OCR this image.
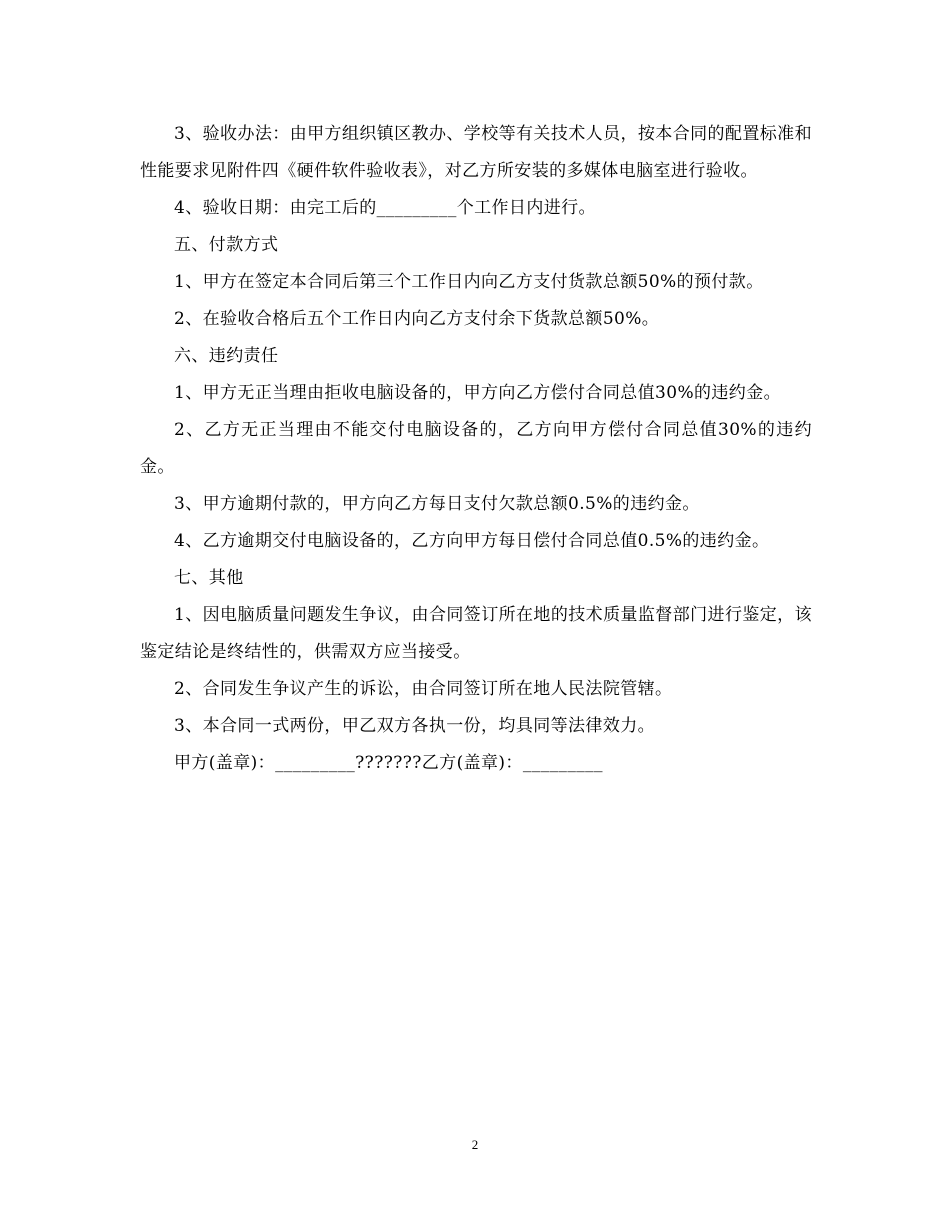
3、验收办法：由甲方组织镇区教办、学校等有关技术人员，按本合同的配置标准和性能要求见附件四《硬件软件验收表》，对乙方所安装的多媒体电脑室进行验收。

4、验收日期：由完工后的_________个工作日内进行。

五、付款方式

1、甲方在签定本合同后第三个工作日内向乙方支付货款总额50%的预付款。

2、在验收合格后五个工作日内向乙方支付余下货款总额50%。

六、违约责任

1、甲方无正当理由拒收电脑设备的，甲方向乙方偿付合同总值30%的违约金。

2、乙方无正当理由不能交付电脑设备的，乙方向甲方偿付合同总值30%的违约金。

3、甲方逾期付款的，甲方向乙方每日支付欠款总额0.5%的违约金。

4、乙方逾期交付电脑设备的，乙方向甲方每日偿付合同总值0.5%的违约金。

七、其他

1、因电脑质量问题发生争议，由合同签订所在地的技术质量监督部门进行鉴定，该鉴定结论是终结性的，供需双方应当接受。

2、合同发生争议产生的诉讼，由合同签订所在地人民法院管辖。

3、本合同一式两份，甲乙双方各执一份，均具同等法律效力。

甲方(盖章)：_________???????乙方(盖章)：_________

2
